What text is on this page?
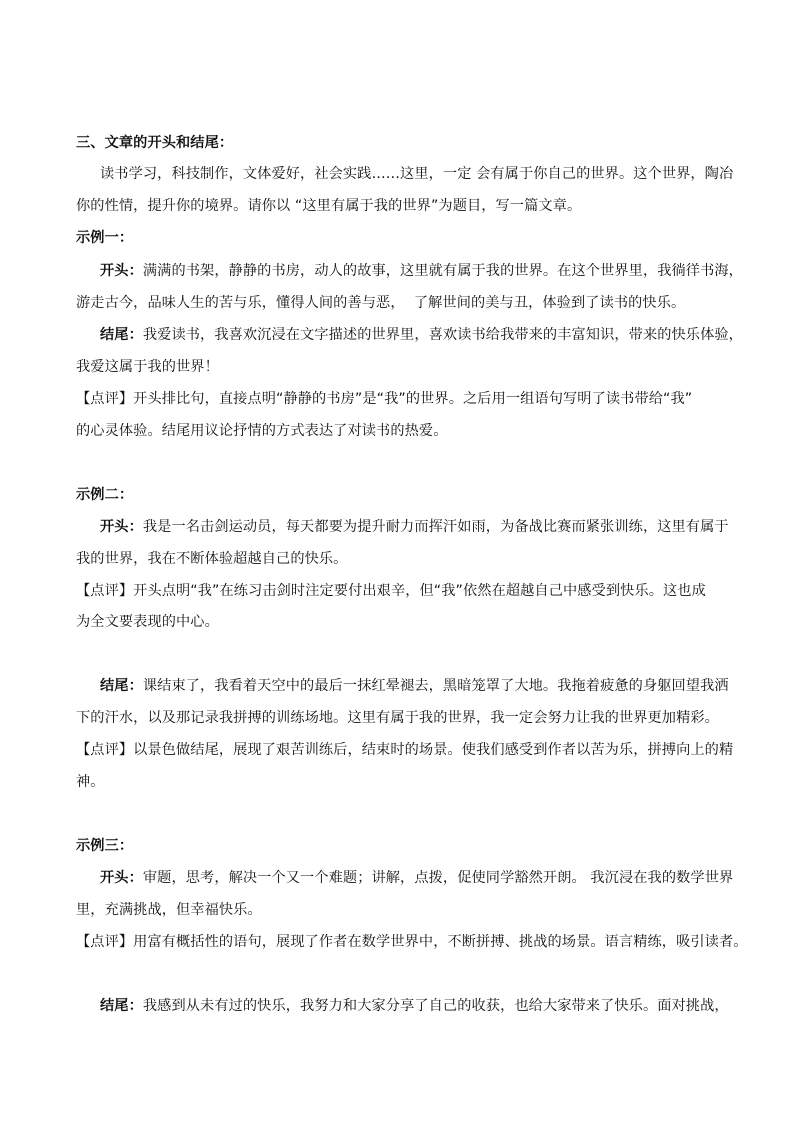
三、文章的开头和结尾：
读书学习，科技制作，文体爱好，社会实践……这里，一定 会有属于你自己的世界。这个世界，陶冶
你的性情，提升你的境界。请你以 “这里有属于我的世界”为题目，写一篇文章。
示例一：
开头：满满的书架，静静的书房，动人的故事，这里就有属于我的世界。在这个世界里，我徜徉书海，
游走古今，品味人生的苦与乐，懂得人间的善与恶，  了解世间的美与丑，体验到了读书的快乐。
结尾：我爱读书，我喜欢沉浸在文字描述的世界里，喜欢读书给我带来的丰富知识，带来的快乐体验，
我爱这属于我的世界！
【点评】开头排比句，直接点明“静静的书房”是“我”的世界。之后用一组语句写明了读书带给“我”
的心灵体验。结尾用议论抒情的方式表达了对读书的热爱。
示例二：
开头：我是一名击剑运动员，每天都要为提升耐力而挥汗如雨，为备战比赛而紧张训练，这里有属于
我的世界，我在不断体验超越自己的快乐。
【点评】开头点明“我”在练习击剑时注定要付出艰辛，但“我”依然在超越自己中感受到快乐。这也成
为全文要表现的中心。
结尾：课结束了，我看着天空中的最后一抹红晕褪去，黑暗笼罩了大地。我拖着疲惫的身躯回望我洒
下的汗水，以及那记录我拼搏的训练场地。这里有属于我的世界，我一定会努力让我的世界更加精彩。
【点评】以景色做结尾，展现了艰苦训练后，结束时的场景。使我们感受到作者以苦为乐，拼搏向上的精
神。
示例三：
开头：审题，思考，解决一个又一个难题；讲解，点拨，促使同学豁然开朗。 我沉浸在我的数学世界
里，充满挑战，但幸福快乐。
【点评】用富有概括性的语句，展现了作者在数学世界中，不断拼搏、挑战的场景。语言精练，吸引读者。
结尾：我感到从未有过的快乐，我努力和大家分享了自己的收获，也给大家带来了快乐。面对挑战，
